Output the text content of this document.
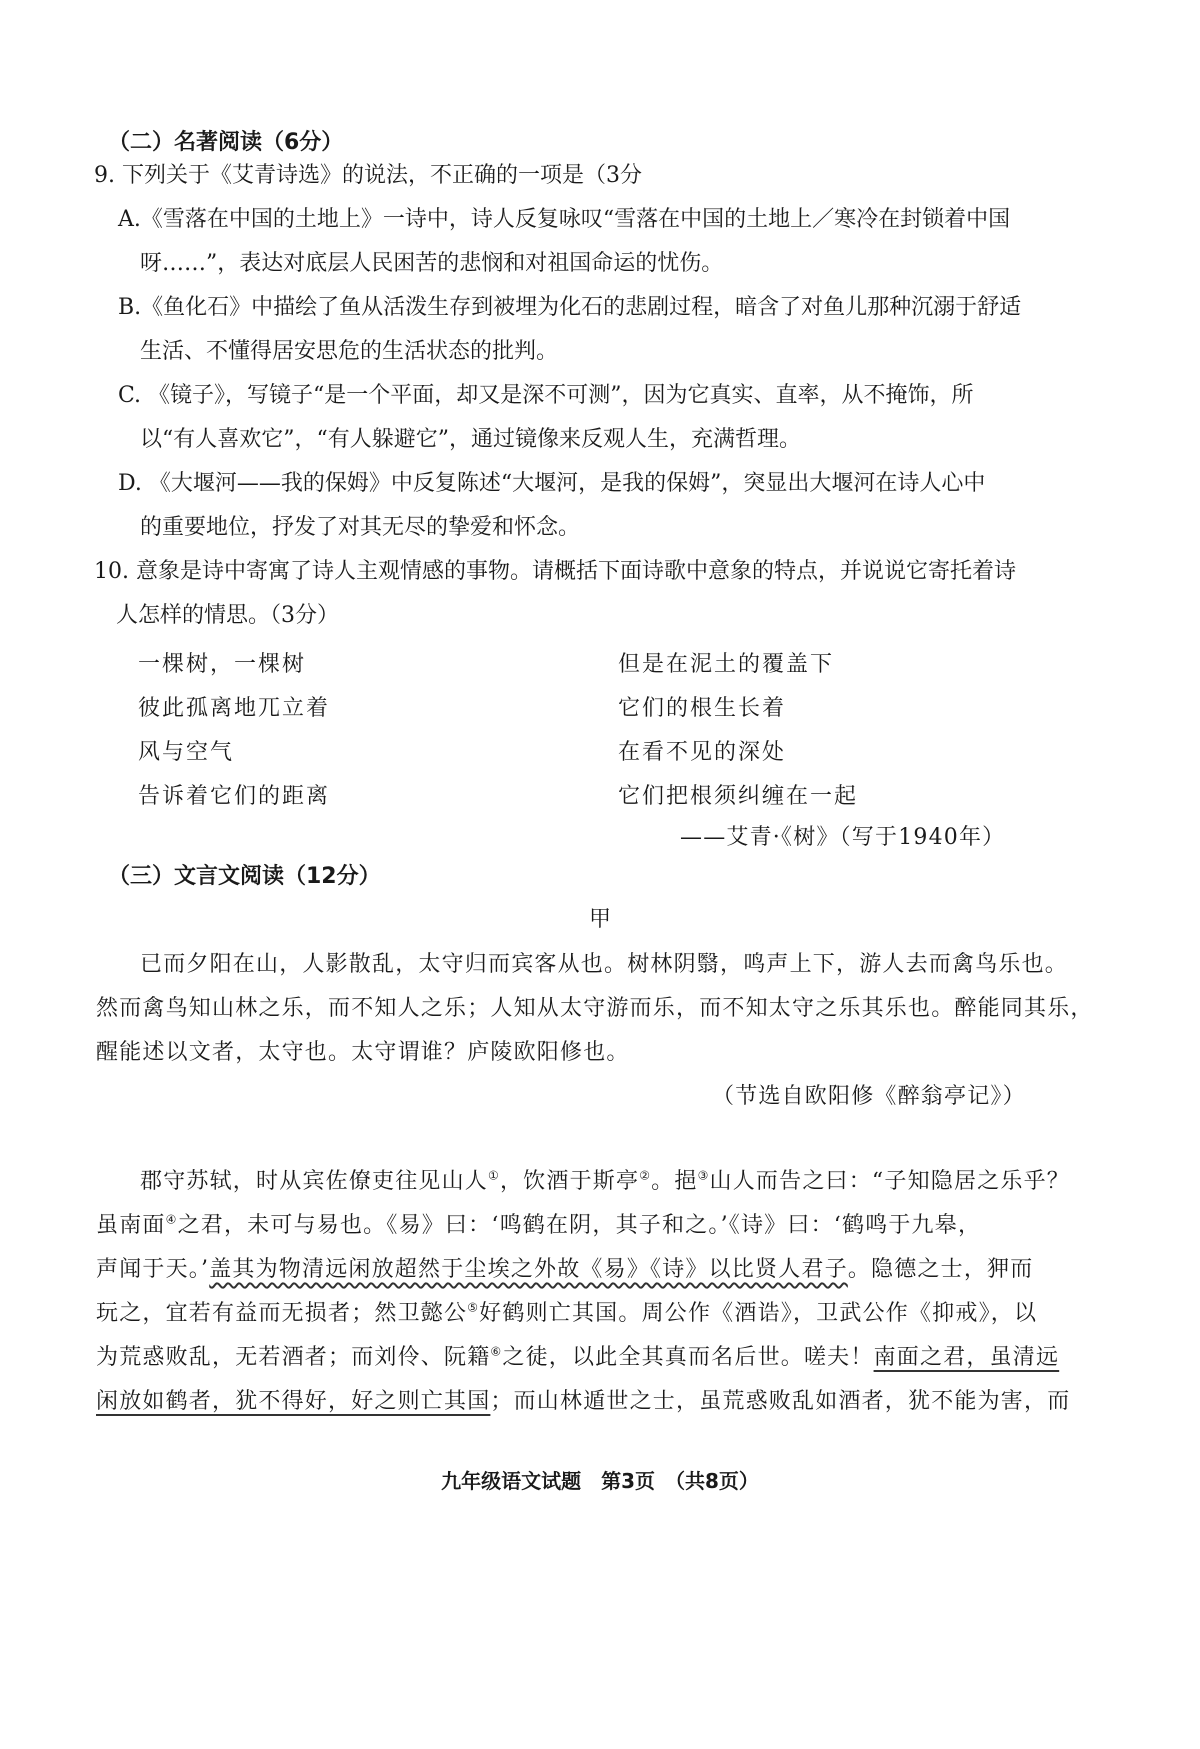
（二）名著阅读（6分）
9. 下列关于《艾青诗选》的说法，不正确的一项是（3分
A.《雪落在中国的土地上》一诗中，诗人反复咏叹“雪落在中国的土地上／寒冷在封锁着中国
呀……”，表达对底层人民困苦的悲悯和对祖国命运的忧伤。
B.《鱼化石》中描绘了鱼从活泼生存到被埋为化石的悲剧过程，暗含了对鱼儿那种沉溺于舒适
生活、不懂得居安思危的生活状态的批判。
C. 《镜子》，写镜子“是一个平面，却又是深不可测”，因为它真实、直率，从不掩饰，所
以“有人喜欢它”，“有人躲避它”，通过镜像来反观人生，充满哲理。
D. 《大堰河——我的保姆》中反复陈述“大堰河，是我的保姆”，突显出大堰河在诗人心中
的重要地位，抒发了对其无尽的挚爱和怀念。
10. 意象是诗中寄寓了诗人主观情感的事物。请概括下面诗歌中意象的特点，并说说它寄托着诗
人怎样的情思。（3分）
一棵树，一棵树
彼此孤离地兀立着
风与空气
告诉着它们的距离
但是在泥土的覆盖下
它们的根生长着
在看不见的深处
它们把根须纠缠在一起
——艾青·《树》（写于1940年）
（三）文言文阅读（12分）
甲
已而夕阳在山，人影散乱，太守归而宾客从也。树林阴翳，鸣声上下，游人去而禽鸟乐也。
然而禽鸟知山林之乐，而不知人之乐；人知从太守游而乐，而不知太守之乐其乐也。醉能同其乐，
醒能述以文者，太守也。太守谓谁？庐陵欧阳修也。
（节选自欧阳修《醉翁亭记》）
郡守苏轼，时从宾佐僚吏往见山人①，饮酒于斯亭②。挹③山人而告之曰：“子知隐居之乐乎？
虽南面④之君，未可与易也。《易》曰：‘鸣鹤在阴，其子和之。’《诗》曰：‘鹤鸣于九皋，
声闻于天。’盖其为物清远闲放超然于尘埃之外故《易》《诗》以比贤人君子。隐德之士，狎而
玩之，宜若有益而无损者；然卫懿公⑤好鹤则亡其国。周公作《酒诰》，卫武公作《抑戒》，以
为荒惑败乱，无若酒者；而刘伶、阮籍⑥之徒，以此全其真而名后世。嗟夫！南面之君，虽清远
闲放如鹤者，犹不得好，好之则亡其国；而山林遁世之士，虽荒惑败乱如酒者，犹不能为害，而
九年级语文试题　第3页　（共8页）
